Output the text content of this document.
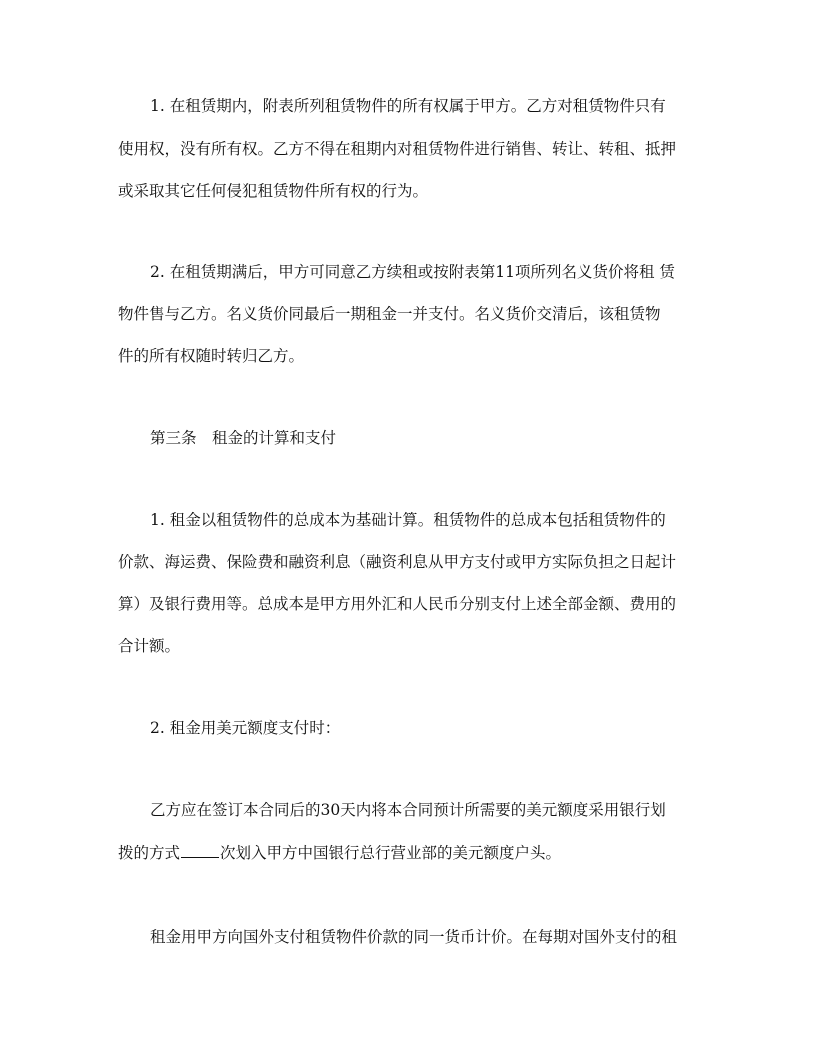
1. 在租赁期内，附表所列租赁物件的所有权属于甲方。乙方对租赁物件只有
使用权，没有所有权。乙方不得在租期内对租赁物件进行销售、转让、转租、抵押
或采取其它任何侵犯租赁物件所有权的行为。
2. 在租赁期满后，甲方可同意乙方续租或按附表第11项所列名义货价将租 赁
物件售与乙方。名义货价同最后一期租金一并支付。名义货价交清后，该租赁物
件的所有权随时转归乙方。
第三条　租金的计算和支付
1. 租金以租赁物件的总成本为基础计算。租赁物件的总成本包括租赁物件的
价款、海运费、保险费和融资利息（融资利息从甲方支付或甲方实际负担之日起计
算）及银行费用等。总成本是甲方用外汇和人民币分别支付上述全部金额、费用的
合计额。
2. 租金用美元额度支付时：
乙方应在签订本合同后的30天内将本合同预计所需要的美元额度采用银行划
拨的方式	次划入甲方中国银行总行营业部的美元额度户头。
租金用甲方向国外支付租赁物件价款的同一货币计价。在每期对国外支付的租
